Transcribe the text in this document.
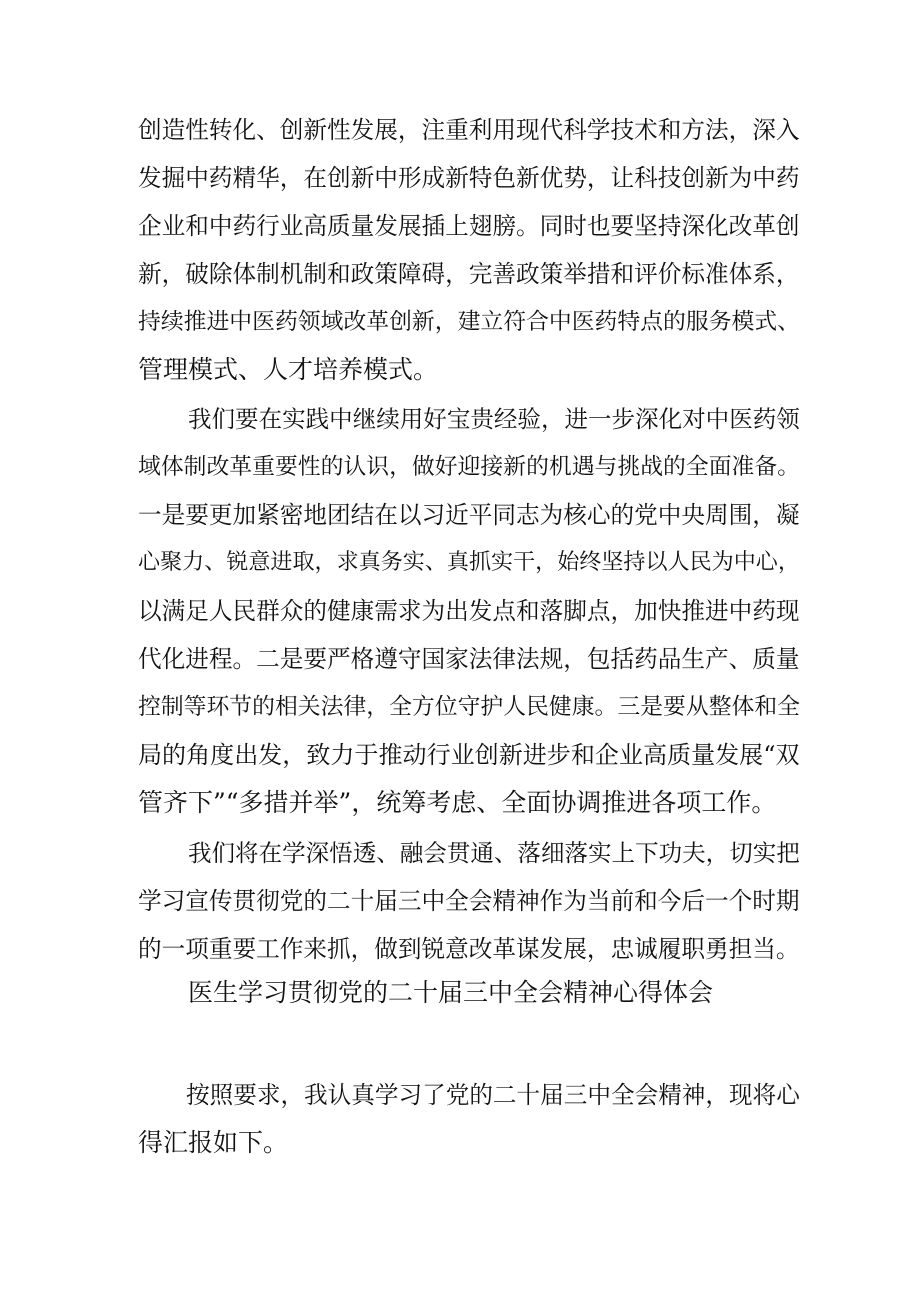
创造性转化、创新性发展，注重利用现代科学技术和方法，深入

发掘中药精华，在创新中形成新特色新优势，让科技创新为中药

企业和中药行业高质量发展插上翅膀。同时也要坚持深化改革创

新，破除体制机制和政策障碍，完善政策举措和评价标准体系，

持续推进中医药领域改革创新，建立符合中医药特点的服务模式、

管理模式、人才培养模式。

我们要在实践中继续用好宝贵经验，进一步深化对中医药领

域体制改革重要性的认识，做好迎接新的机遇与挑战的全面准备。

一是要更加紧密地团结在以习近平同志为核心的党中央周围，凝

心聚力、锐意进取，求真务实、真抓实干，始终坚持以人民为中心，

以满足人民群众的健康需求为出发点和落脚点，加快推进中药现

代化进程。二是要严格遵守国家法律法规，包括药品生产、质量

控制等环节的相关法律，全方位守护人民健康。三是要从整体和全

局的角度出发，致力于推动行业创新进步和企业高质量发展“双

管齐下”“多措并举”，统筹考虑、全面协调推进各项工作。

我们将在学深悟透、融会贯通、落细落实上下功夫，切实把

学习宣传贯彻党的二十届三中全会精神作为当前和今后一个时期

的一项重要工作来抓，做到锐意改革谋发展，忠诚履职勇担当。

医生学习贯彻党的二十届三中全会精神心得体会

按照要求，我认真学习了党的二十届三中全会精神，现将心

得汇报如下。
